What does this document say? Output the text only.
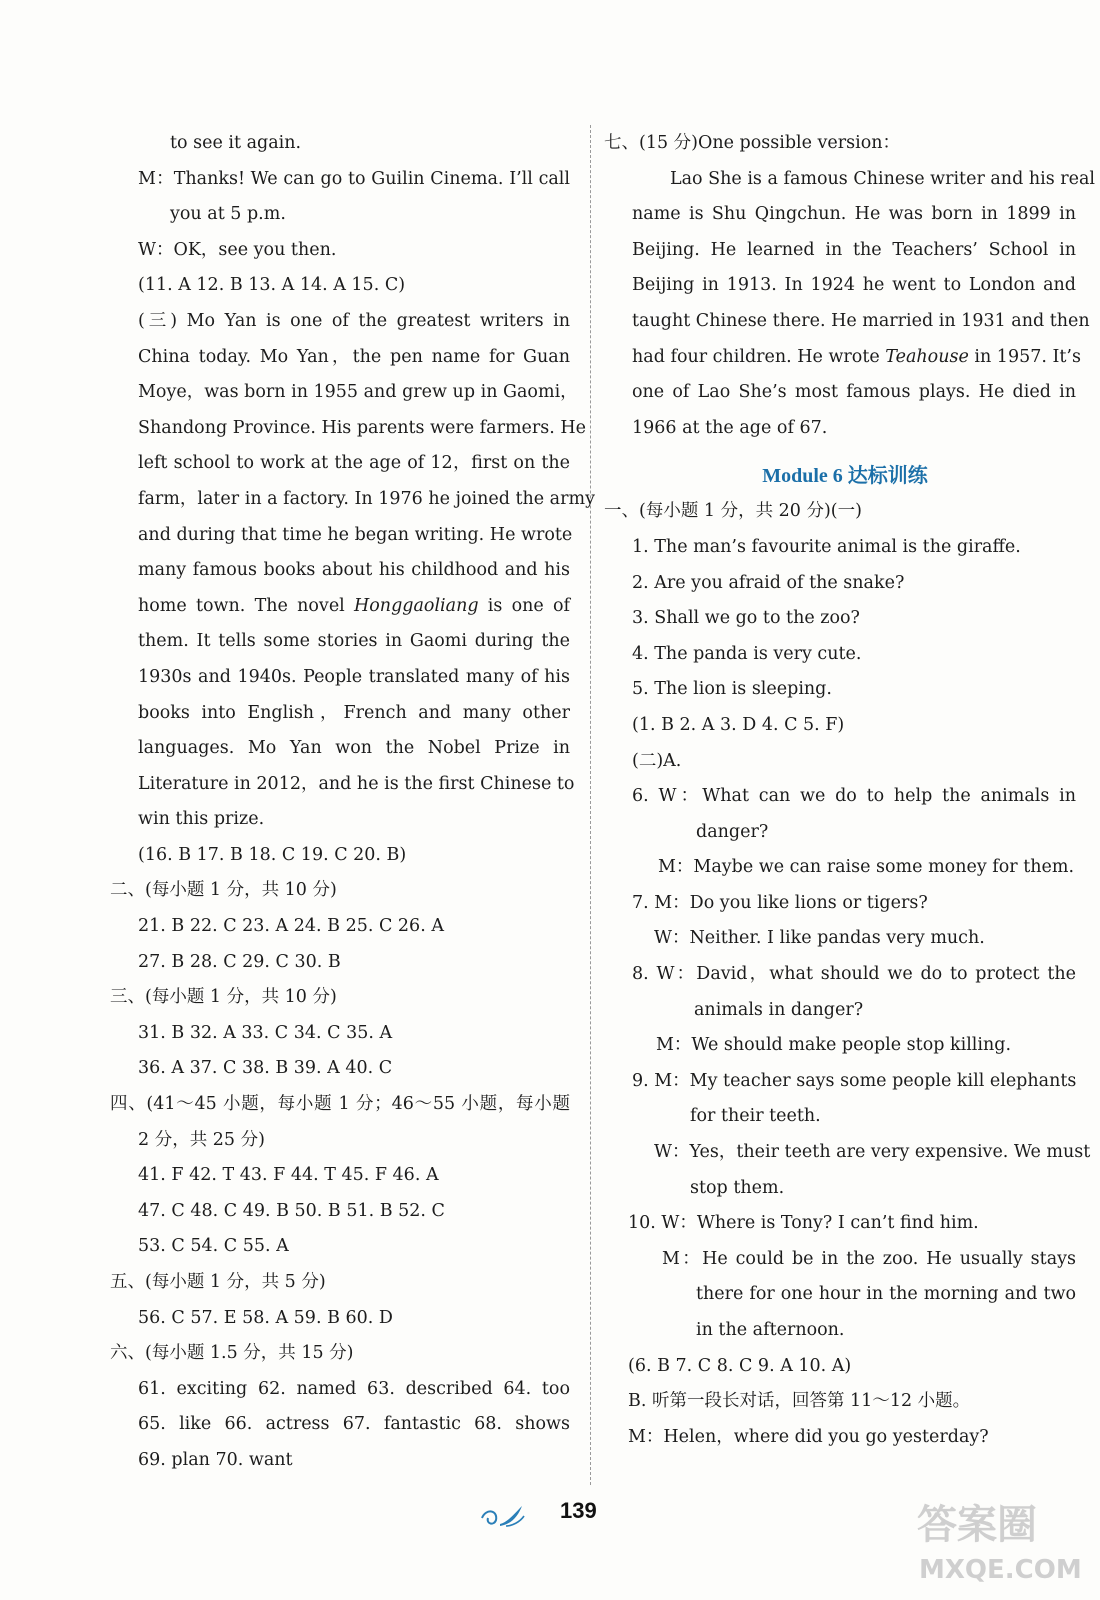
to see it again.
M：Thanks! We can go to Guilin Cinema. I’ll call
you at 5 p.m.
W：OK，see you then.
(11. A 12. B 13. A 14. A 15. C)
(三) Mo Yan is one of the greatest writers in
China today. Mo Yan，the pen name for Guan
Moye，was born in 1955 and grew up in Gaomi，
Shandong Province. His parents were farmers. He
left school to work at the age of 12，first on the
farm，later in a factory. In 1976 he joined the army
and during that time he began writing. He wrote
many famous books about his childhood and his
home town. The novel Honggaoliang is one of
them. It tells some stories in Gaomi during the
1930s and 1940s. People translated many of his
books into English，French and many other
languages. Mo Yan won the Nobel Prize in
Literature in 2012，and he is the first Chinese to
win this prize.
(16. B 17. B 18. C 19. C 20. B)
二、(每小题 1 分，共 10 分)
21. B 22. C 23. A 24. B 25. C 26. A
27. B 28. C 29. C 30. B
三、(每小题 1 分，共 10 分)
31. B 32. A 33. C 34. C 35. A
36. A 37. C 38. B 39. A 40. C
四、(41～45 小题，每小题 1 分；46～55 小题，每小题
2 分，共 25 分)
41. F 42. T 43. F 44. T 45. F 46. A
47. C 48. C 49. B 50. B 51. B 52. C
53. C 54. C 55. A
五、(每小题 1 分，共 5 分)
56. C 57. E 58. A 59. B 60. D
六、(每小题 1.5 分，共 15 分)
61. exciting 62. named 63. described 64. too
65. like 66. actress 67. fantastic 68. shows
69. plan 70. want
七、(15 分)One possible version：
Lao She is a famous Chinese writer and his real
name is Shu Qingchun. He was born in 1899 in
Beijing. He learned in the Teachers’ School in
Beijing in 1913. In 1924 he went to London and
taught Chinese there. He married in 1931 and then
had four children. He wrote Teahouse in 1957. It’s
one of Lao She’s most famous plays. He died in
1966 at the age of 67.
Module 6 达标训练
一、(每小题 1 分，共 20 分)(一)
1. The man’s favourite animal is the giraffe.
2. Are you afraid of the snake?
3. Shall we go to the zoo?
4. The panda is very cute.
5. The lion is sleeping.
(1. B 2. A 3. D 4. C 5. F)
(二)A.
6. W：What can we do to help the animals in
danger?
M：Maybe we can raise some money for them.
7. M：Do you like lions or tigers?
W：Neither. I like pandas very much.
8. W：David，what should we do to protect the
animals in danger?
M：We should make people stop killing.
9. M：My teacher says some people kill elephants
for their teeth.
W：Yes，their teeth are very expensive. We must
stop them.
10. W：Where is Tony? I can’t find him.
M：He could be in the zoo. He usually stays
there for one hour in the morning and two
in the afternoon.
(6. B 7. C 8. C 9. A 10. A)
B. 听第一段长对话，回答第 11～12 小题。
M：Helen，where did you go yesterday?
139	答案圈
MXQE.COM
